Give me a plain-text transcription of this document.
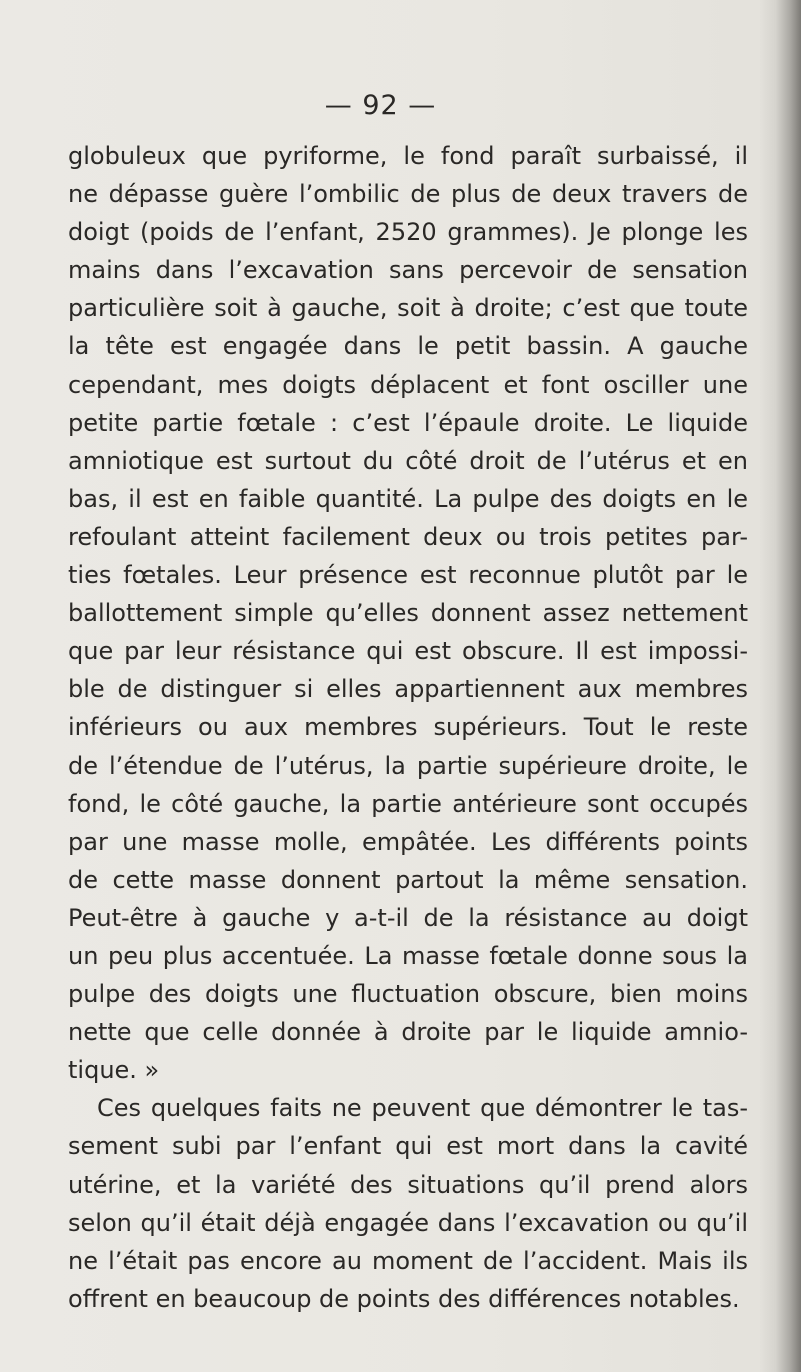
— 92 —
globuleux que pyriforme, le fond paraît surbaissé, il
ne dépasse guère l’ombilic de plus de deux travers de
doigt (poids de l’enfant, 2520 grammes). Je plonge les
mains dans l’excavation sans percevoir de sensation
particulière soit à gauche, soit à droite; c’est que toute
la tête est engagée dans le petit bassin. A gauche
cependant, mes doigts déplacent et font osciller une
petite partie fœtale : c’est l’épaule droite. Le liquide
amniotique est surtout du côté droit de l’utérus et en
bas, il est en faible quantité. La pulpe des doigts en le
refoulant atteint facilement deux ou trois petites par-
ties fœtales. Leur présence est reconnue plutôt par le
ballottement simple qu’elles donnent assez nettement
que par leur résistance qui est obscure. Il est impossi-
ble de distinguer si elles appartiennent aux membres
inférieurs ou aux membres supérieurs. Tout le reste
de l’étendue de l’utérus, la partie supérieure droite, le
fond, le côté gauche, la partie antérieure sont occupés
par une masse molle, empâtée. Les différents points
de cette masse donnent partout la même sensation.
Peut-être à gauche y a-t-il de la résistance au doigt
un peu plus accentuée. La masse fœtale donne sous la
pulpe des doigts une fluctuation obscure, bien moins
nette que celle donnée à droite par le liquide amnio-
tique. »
Ces quelques faits ne peuvent que démontrer le tas-
sement subi par l’enfant qui est mort dans la cavité
utérine, et la variété des situations qu’il prend alors
selon qu’il était déjà engagée dans l’excavation ou qu’il
ne l’était pas encore au moment de l’accident. Mais ils
offrent en beaucoup de points des différences notables.
